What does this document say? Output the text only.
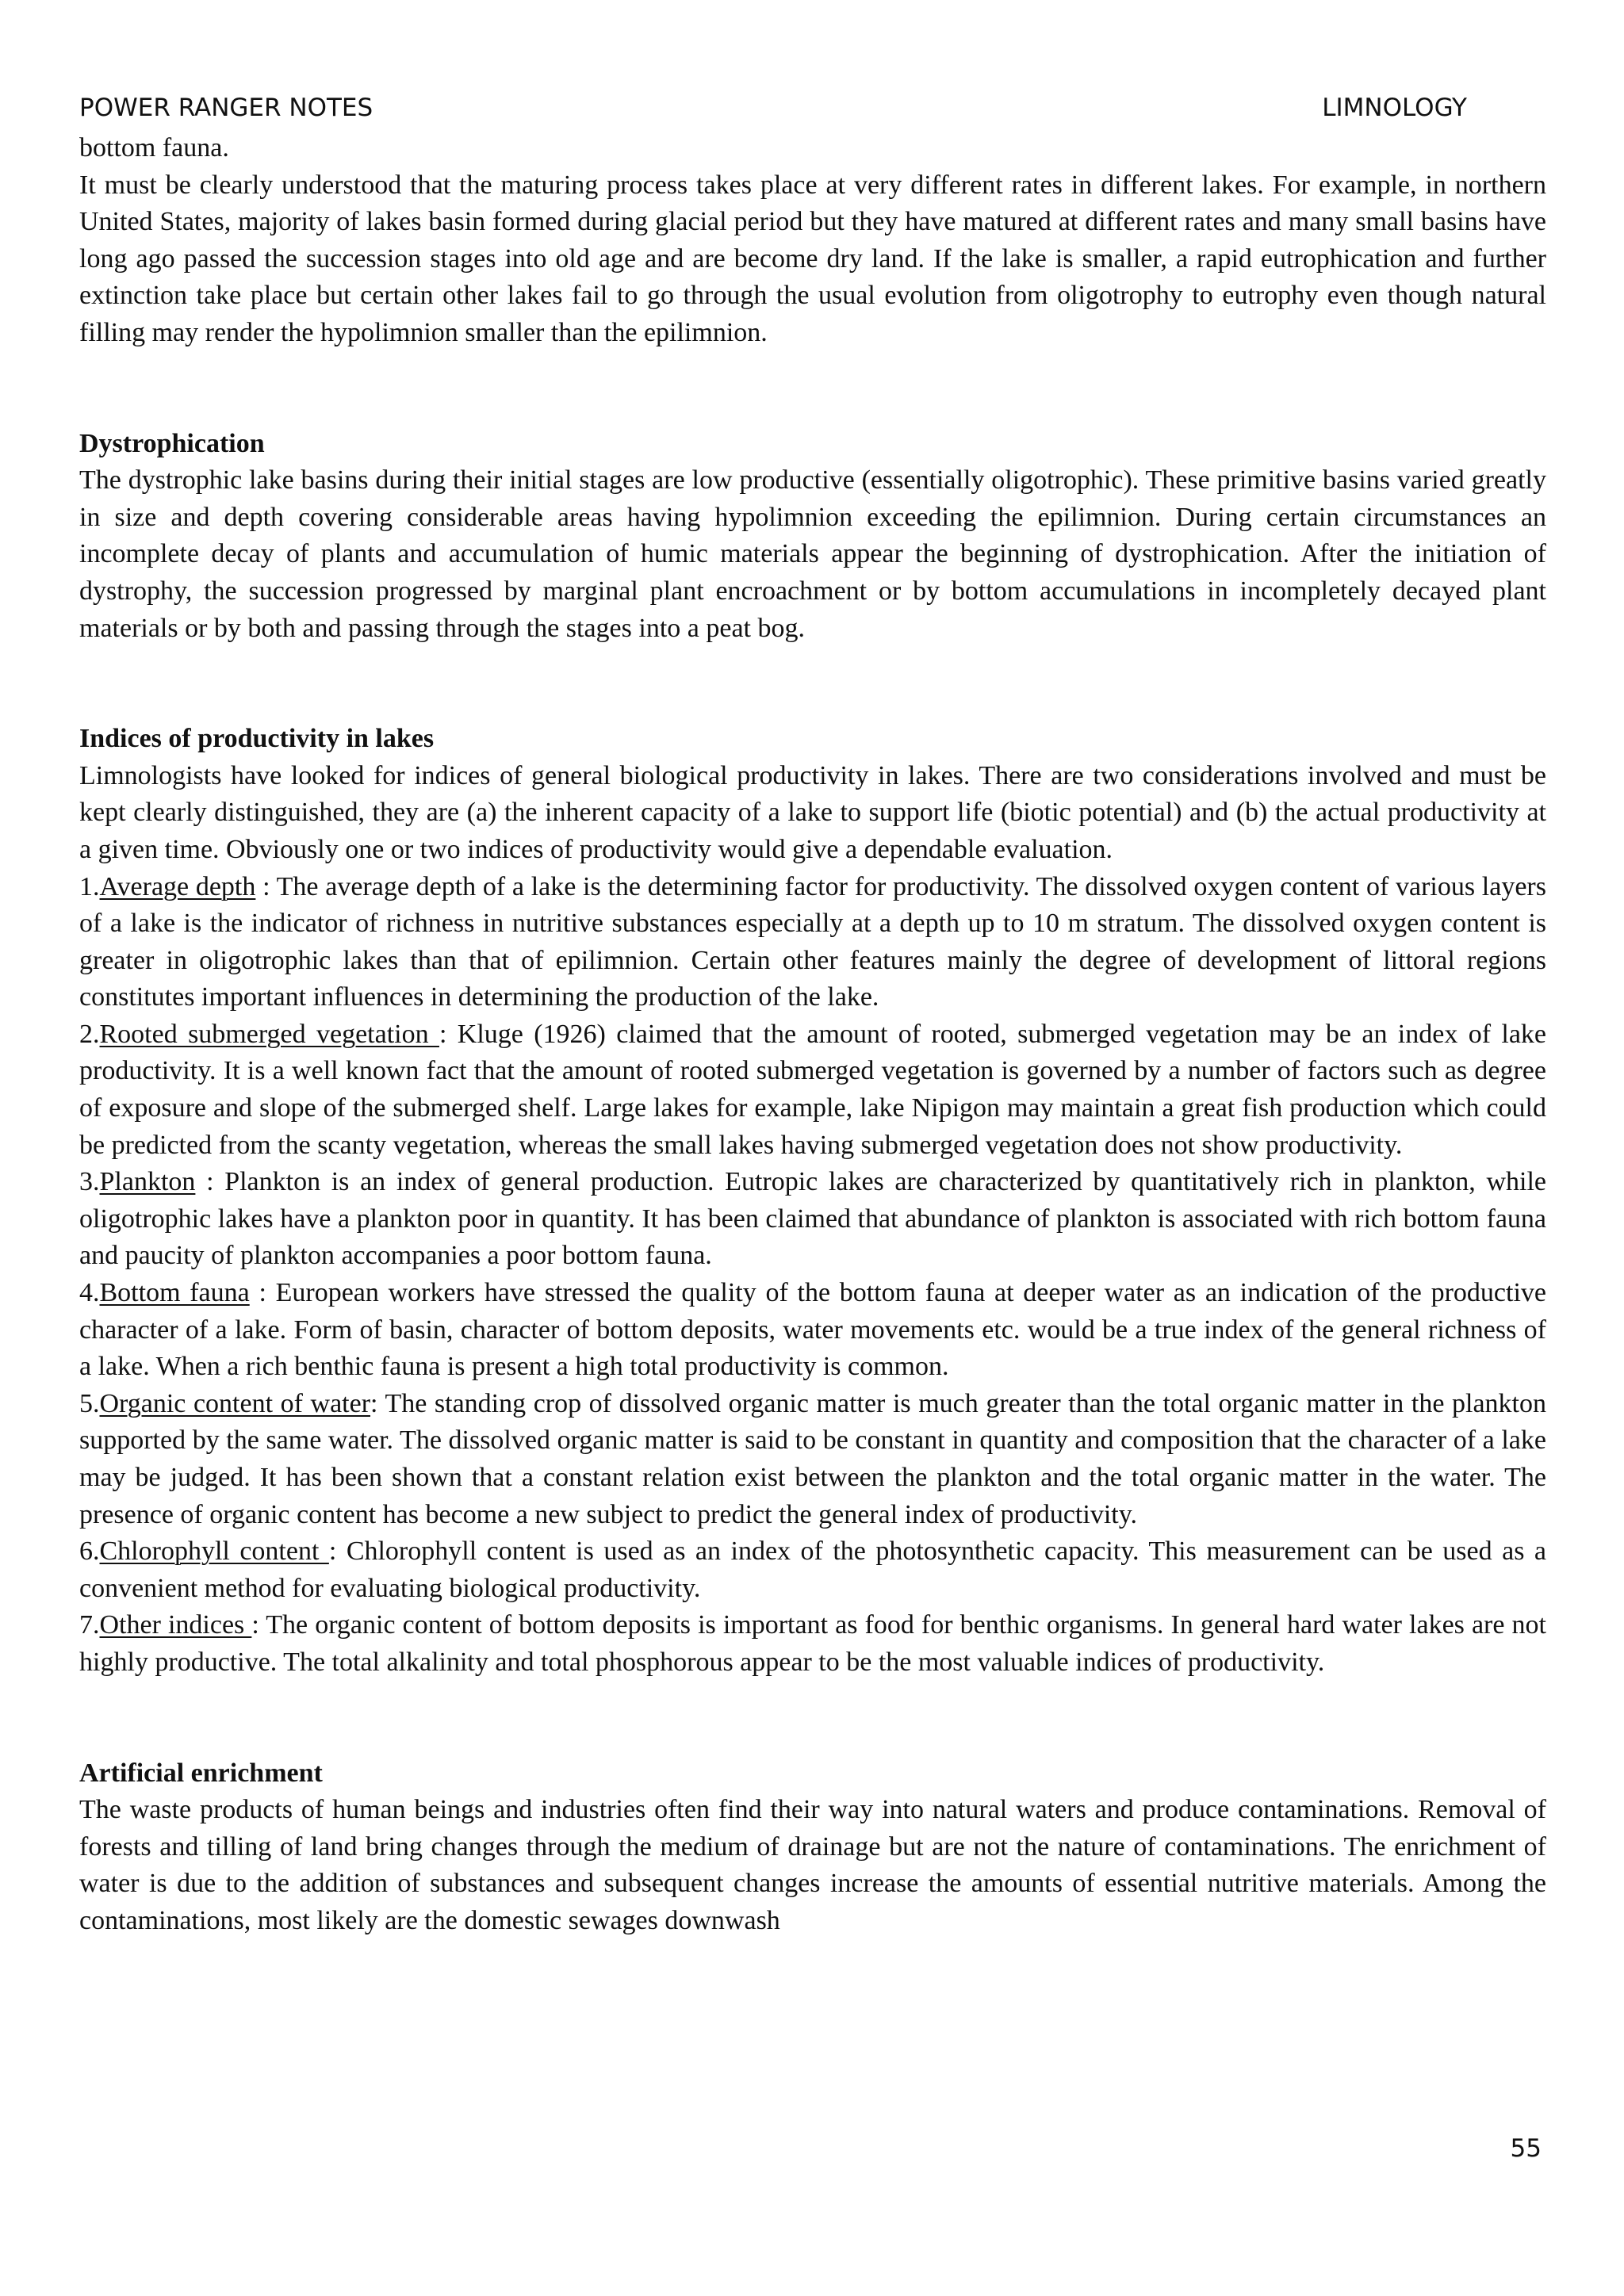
POWER RANGER NOTES	LIMNOLOGY

bottom fauna.

It must be clearly understood that the maturing process takes place at very different rates in different lakes. For example, in northern United States, majority of lakes basin formed during glacial period but they have matured at different rates and many small basins have long ago passed the succession stages into old age and are become dry land. If the lake is smaller, a rapid eutrophication and further extinction take place but certain other lakes fail to go through the usual evolution from oligotrophy to eutrophy even though natural filling may render the hypolimnion smaller than the epilimnion.

Dystrophication

The dystrophic lake basins during their initial stages are low productive (essentially oligotrophic). These primitive basins varied greatly in size and depth covering considerable areas having hypolimnion exceeding the epilimnion. During certain circumstances an incomplete decay of plants and accumulation of humic materials appear the beginning of dystrophication. After the initiation of dystrophy, the succession progressed by marginal plant encroachment or by bottom accumulations in incompletely decayed plant materials or by both and passing through the stages into a peat bog.

Indices of productivity in lakes

Limnologists have looked for indices of general biological productivity in lakes. There are two considerations involved and must be kept clearly distinguished, they are (a) the inherent capacity of a lake to support life (biotic potential) and (b) the actual productivity at a given time. Obviously one or two indices of productivity would give a dependable evaluation.

1.Average depth : The average depth of a lake is the determining factor for productivity. The dissolved oxygen content of various layers of a lake is the indicator of richness in nutritive substances especially at a depth up to 10 m stratum. The dissolved oxygen content is greater in oligotrophic lakes than that of epilimnion. Certain other features mainly the degree of development of littoral regions constitutes important influences in determining the production of the lake.

2.Rooted submerged vegetation : Kluge (1926) claimed that the amount of rooted, submerged vegetation may be an index of lake productivity. It is a well known fact that the amount of rooted submerged vegetation is governed by a number of factors such as degree of exposure and slope of the submerged shelf. Large lakes for example, lake Nipigon may maintain a great fish production which could be predicted from the scanty vegetation, whereas the small lakes having submerged vegetation does not show productivity.

3.Plankton : Plankton is an index of general production. Eutropic lakes are characterized by quantitatively rich in plankton, while oligotrophic lakes have a plankton poor in quantity. It has been claimed that abundance of plankton is associated with rich bottom fauna and paucity of plankton accompanies a poor bottom fauna.

4.Bottom fauna : European workers have stressed the quality of the bottom fauna at deeper water as an indication of the productive character of a lake. Form of basin, character of bottom deposits, water movements etc. would be a true index of the general richness of a lake. When a rich benthic fauna is present a high total productivity is common.

5.Organic content of water: The standing crop of dissolved organic matter is much greater than the total organic matter in the plankton supported by the same water. The dissolved organic matter is said to be constant in quantity and composition that the character of a lake may be judged. It has been shown that a constant relation exist between the plankton and the total organic matter in the water. The presence of organic content has become a new subject to predict the general index of productivity.

6.Chlorophyll content : Chlorophyll content is used as an index of the photosynthetic capacity. This measurement can be used as a convenient method for evaluating biological productivity.

7.Other indices : The organic content of bottom deposits is important as food for benthic organisms. In general hard water lakes are not highly productive. The total alkalinity and total phosphorous appear to be the most valuable indices of productivity.

Artificial enrichment

The waste products of human beings and industries often find their way into natural waters and produce contaminations. Removal of forests and tilling of land bring changes through the medium of drainage but are not the nature of contaminations. The enrichment of water is due to the addition of substances and subsequent changes increase the amounts of essential nutritive materials. Among the contaminations, most likely are the domestic sewages downwash

55
